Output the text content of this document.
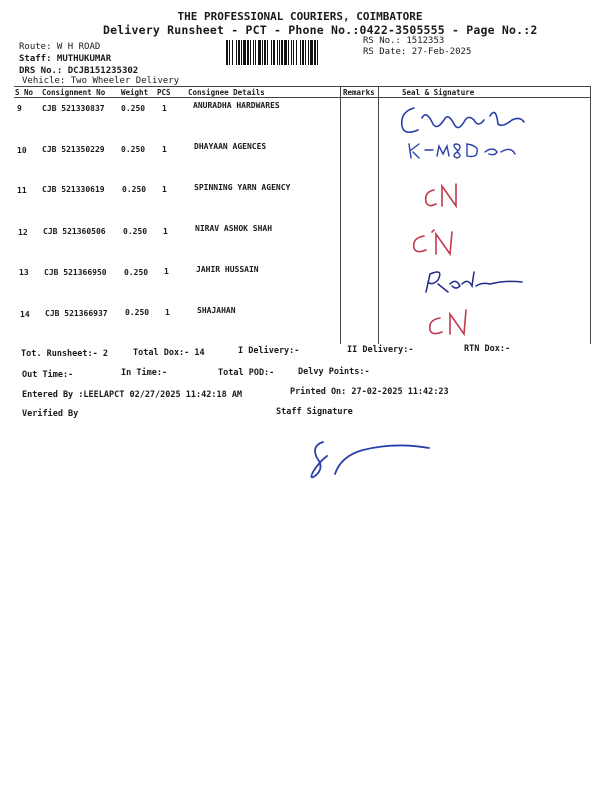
THE PROFESSIONAL COURIERS, COIMBATORE
Delivery Runsheet - PCT - Phone No.:0422-3505555 - Page No.:2
Route: W H ROAD
Staff: MUTHUKUMAR
DRS No.: DCJB151235302
Vehicle: Two Wheeler Delivery
RS No.: 1512353
RS Date: 27-Feb-2025
S No Consignment No Weight PCS Consignee Details	Remarks	Seal & Signature
9	CJB 521330837 0.250 1	ANURADHA HARDWARES
10 CJB 521350229 0.250 1	DHAYAAN AGENCES
11 CJB 521330619 0.250 1	SPINNING YARN AGENCY
12 CJB 521360506 0.250 1	NIRAV ASHOK SHAH
13 CJB 521366950 0.250 1	JAHIR HUSSAIN
14 CJB 521366937 0.250 1	SHAJAHAN
Tot. Runsheet:- 2	Total Dox:- 14	I Delivery:-	II Delivery:-	RTN Dox:-
Out Time:-	In Time:-	Total POD:-	Delvy Points:-
Entered By :LEELAPCT 02/27/2025 11:42:18 AM	Printed On: 27-02-2025 11:42:23
Verified By	Staff Signature
